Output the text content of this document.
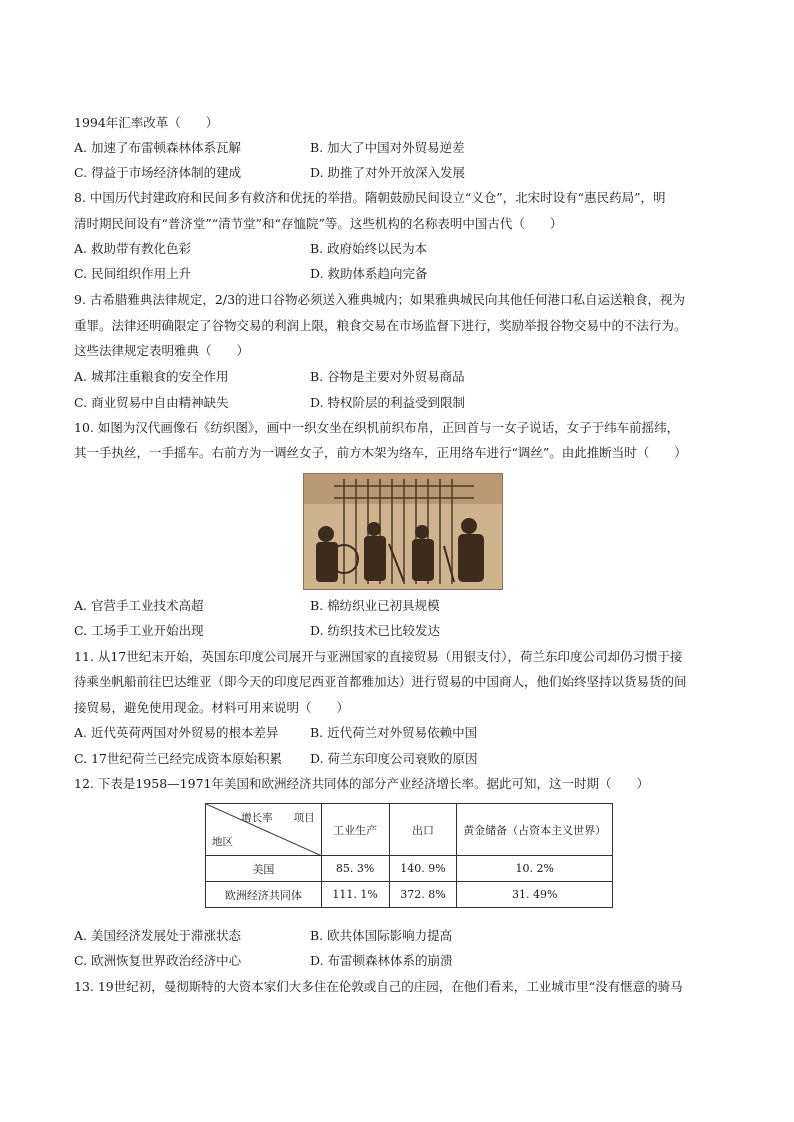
1994年汇率改革（　　）
A. 加速了布雷顿森林体系瓦解	B. 加大了中国对外贸易逆差
C. 得益于市场经济体制的建成	D. 助推了对外开放深入发展
8. 中国历代封建政府和民间多有救济和优抚的举措。隋朝鼓励民间设立“义仓”，北宋时设有“惠民药局”，明
清时期民间设有“普济堂”“清节堂”和“存恤院”等。这些机构的名称表明中国古代（　　）
A. 救助带有教化色彩	B. 政府始终以民为本
C. 民间组织作用上升	D. 救助体系趋向完备
9. 古希腊雅典法律规定，2/3的进口谷物必须送入雅典城内；如果雅典城民向其他任何港口私自运送粮食，视为
重罪。法律还明确限定了谷物交易的利润上限，粮食交易在市场监督下进行，奖励举报谷物交易中的不法行为。
这些法律规定表明雅典（　　）
A. 城邦注重粮食的安全作用	B. 谷物是主要对外贸易商品
C. 商业贸易中自由精神缺失	D. 特权阶层的利益受到限制
10. 如图为汉代画像石《纺织图》，画中一织女坐在织机前织布帛，正回首与一女子说话，女子于纬车前摇纬，
其一手执丝，一手摇车。右前方为一调丝女子，前方木架为络车，正用络车进行“调丝”。由此推断当时（　　）
A. 官营手工业技术高超	B. 棉纺织业已初具规模
C. 工场手工业开始出现	D. 纺织技术已比较发达
11. 从17世纪末开始，英国东印度公司展开与亚洲国家的直接贸易（用银支付），荷兰东印度公司却仍习惯于接
待乘坐帆船前往巴达维亚（即今天的印度尼西亚首都雅加达）进行贸易的中国商人，他们始终坚持以货易货的间
接贸易，避免使用现金。材料可用来说明（　　）
A. 近代英荷两国对外贸易的根本差异	B. 近代荷兰对外贸易依赖中国
C. 17世纪荷兰已经完成资本原始积累 D. 荷兰东印度公司衰败的原因
12. 下表是1958—1971年美国和欧洲经济共同体的部分产业经济增长率。据此可知，这一时期（　　）
增长率　　项目
地区	工业生产	出口	黄金储备（占资本主义世界）
美国	85. 3%	140. 9%	10. 2%
欧洲经济共同体	111. 1%	372. 8%	31. 49%
A. 美国经济发展处于滞涨状态	B. 欧共体国际影响力提高
C. 欧洲恢复世界政治经济中心	D. 布雷顿森林体系的崩溃
13. 19世纪初，曼彻斯特的大资本家们大多住在伦敦或自己的庄园，在他们看来，工业城市里“没有惬意的骑马
